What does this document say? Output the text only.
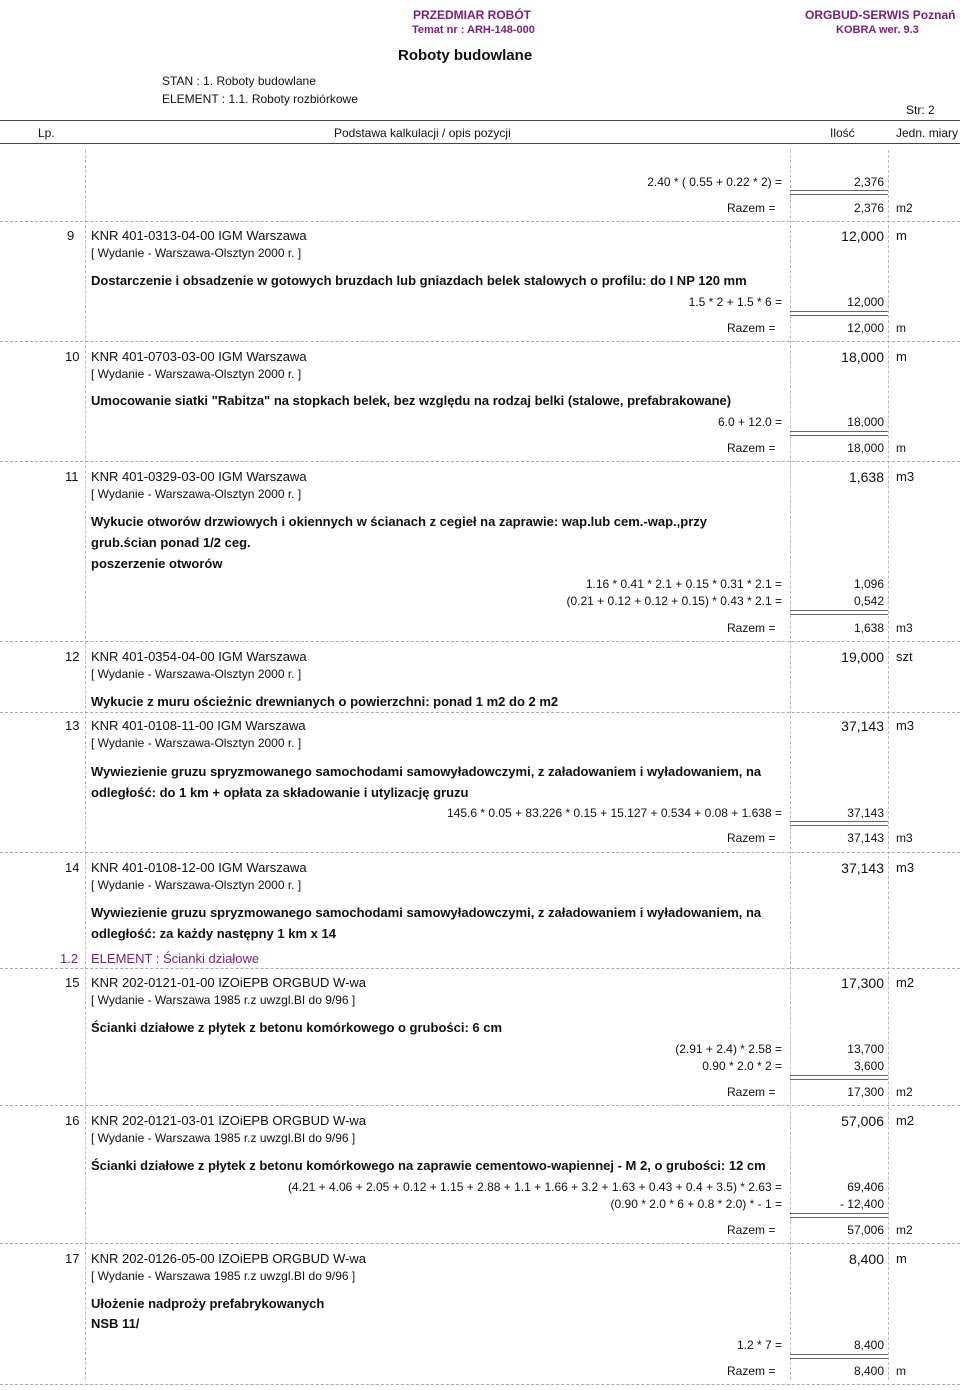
PRZEDMIAR ROBÓT
Temat nr : ARH-148-000
ORGBUD-SERWIS Poznań
KOBRA wer. 9.3
Roboty budowlane
STAN : 1. Roboty budowlane
ELEMENT : 1.1. Roboty rozbiórkowe
Str: 2
Lp.	Podstawa kalkulacji / opis pozycji	Ilość	Jedn. miary
2.40 * ( 0.55 + 0.22 * 2) =	2,376
Razem =	2,376 m2
9 KNR 401-0313-04-00 IGM Warszawa
[ Wydanie - Warszawa-Olsztyn 2000 r. ]
12,000 m
Dostarczenie i obsadzenie w gotowych bruzdach lub gniazdach belek stalowych o profilu: do I NP 120 mm
1.5 * 2 + 1.5 * 6 =	12,000
Razem =	12,000 m
10 KNR 401-0703-03-00 IGM Warszawa
[ Wydanie - Warszawa-Olsztyn 2000 r. ]
18,000 m
Umocowanie siatki "Rabitza" na stopkach belek, bez względu na rodzaj belki (stalowe, prefabrakowane)
6.0 + 12.0 =	18,000
Razem =	18,000 m
11 KNR 401-0329-03-00 IGM Warszawa
[ Wydanie - Warszawa-Olsztyn 2000 r. ]
1,638 m3
Wykucie otworów drzwiowych i okiennych w ścianach z cegieł na zaprawie: wap.lub cem.-wap.,przy
grub.ścian ponad 1/2 ceg.
poszerzenie otworów
1.16 * 0.41 * 2.1 + 0.15 * 0.31 * 2.1 =	1,096
(0.21 + 0.12 + 0.12 + 0.15) * 0.43 * 2.1 =	0,542
Razem =	1,638 m3
12 KNR 401-0354-04-00 IGM Warszawa
[ Wydanie - Warszawa-Olsztyn 2000 r. ]
19,000 szt
Wykucie z muru ościeżnic drewnianych o powierzchni: ponad 1 m2 do 2 m2
13 KNR 401-0108-11-00 IGM Warszawa
[ Wydanie - Warszawa-Olsztyn 2000 r. ]
37,143 m3
Wywiezienie gruzu spryzmowanego samochodami samowyładowczymi, z załadowaniem i wyładowaniem, na
odległość: do 1 km + opłata za składowanie i utylizację gruzu
145.6 * 0.05 + 83.226 * 0.15 + 15.127 + 0.534 + 0.08 + 1.638 =	37,143
Razem =	37,143 m3
14 KNR 401-0108-12-00 IGM Warszawa
[ Wydanie - Warszawa-Olsztyn 2000 r. ]
37,143 m3
Wywiezienie gruzu spryzmowanego samochodami samowyładowczymi, z załadowaniem i wyładowaniem, na
odległość: za każdy następny 1 km x 14
1.2 ELEMENT : Ścianki działowe
15 KNR 202-0121-01-00 IZOiEPB ORGBUD W-wa
[ Wydanie - Warszawa 1985 r.z uwzgl.BI do 9/96 ]
17,300 m2
Ścianki działowe z płytek z betonu komórkowego o grubości: 6 cm
(2.91 + 2.4) * 2.58 =	13,700
0.90 * 2.0 * 2 =	3,600
Razem =	17,300 m2
16 KNR 202-0121-03-01 IZOiEPB ORGBUD W-wa
[ Wydanie - Warszawa 1985 r.z uwzgl.BI do 9/96 ]
57,006 m2
Ścianki działowe z płytek z betonu komórkowego na zaprawie cementowo-wapiennej - M 2, o grubości: 12 cm
(4.21 + 4.06 + 2.05 + 0.12 + 1.15 + 2.88 + 1.1 + 1.66 + 3.2 + 1.63 + 0.43 + 0.4 + 3.5) * 2.63 =	69,406
(0.90 * 2.0 * 6 + 0.8 * 2.0) * - 1 =	- 12,400
Razem =	57,006 m2
17 KNR 202-0126-05-00 IZOiEPB ORGBUD W-wa
[ Wydanie - Warszawa 1985 r.z uwzgl.BI do 9/96 ]
8,400 m
Ułożenie nadproży prefabrykowanych
NSB 11/
1.2 * 7 =	8,400
Razem =	8,400 m
